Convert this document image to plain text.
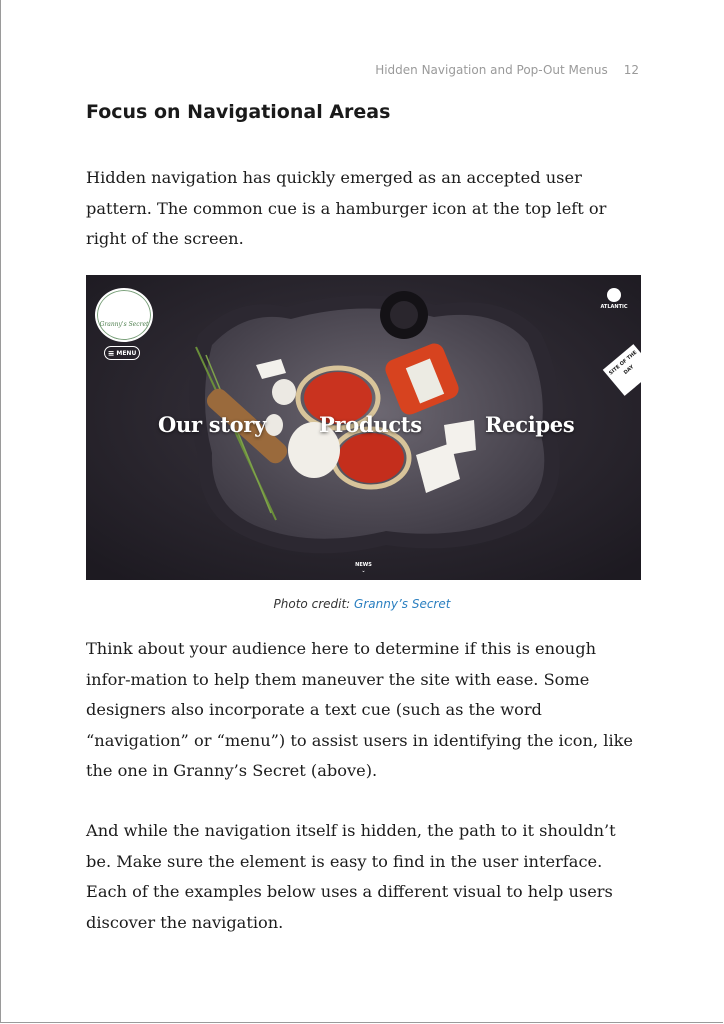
Hidden Navigation and Pop-Out Menus 12
Focus on Navigational Areas

Hidden navigation has quickly emerged as an accepted user pattern. The common cue is a hamburger icon at the top left or right of the screen.

Granny's Secret
≡ MENU
ATLANTIC
SITE OF THE DAY
Our story	Products	Recipes
NEWS
⌄
Photo credit: Granny’s Secret

Think about your audience here to determine if this is enough infor-mation to help them maneuver the site with ease. Some designers also incorporate a text cue (such as the word “navigation” or “menu”) to assist users in identifying the icon, like the one in Granny’s Secret (above).

And while the navigation itself is hidden, the path to it shouldn’t be. Make sure the element is easy to find in the user interface. Each of the examples below uses a different visual to help users discover the navigation.
